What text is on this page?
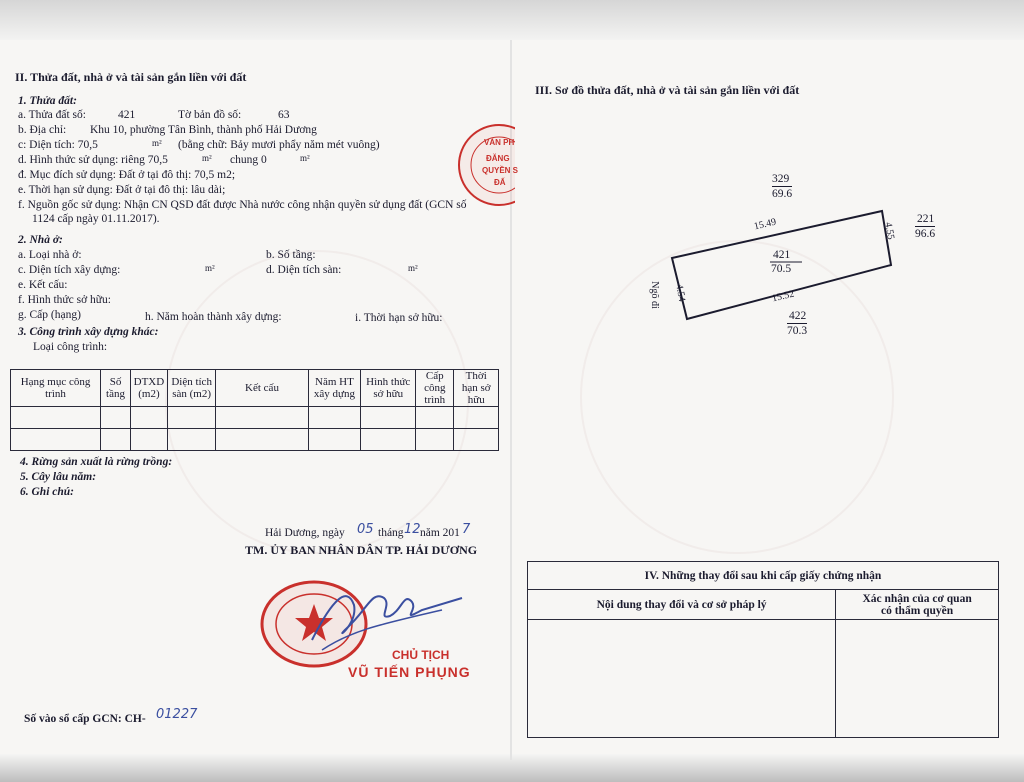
II. Thửa đất, nhà ở và tài sản gắn liền với đất
1. Thửa đất:
a. Thửa đất số:	421	Tờ bản đồ số:	63
b. Địa chỉ: Khu 10, phường Tân Bình, thành phố Hải Dương
c: Diện tích: 70,5	m² (bằng chữ: Bảy mươi phẩy năm mét vuông)
d. Hình thức sử dụng: riêng 70,5	m² chung 0	m²
đ. Mục đích sử dụng: Đất ở tại đô thị: 70,5 m2;
e. Thời hạn sử dụng: Đất ở tại đô thị: lâu dài;
f. Nguồn gốc sử dụng: Nhận CN QSD đất được Nhà nước công nhận quyền sử dụng đất (GCN số
1124 cấp ngày 01.11.2017).
2. Nhà ở:
a. Loại nhà ở:	b. Số tầng:
c. Diện tích xây dựng:	m²	d. Diện tích sàn:	m²
e. Kết cấu:
f. Hình thức sở hữu:
g. Cấp (hạng)	h. Năm hoàn thành xây dựng:	i. Thời hạn sở hữu:
3. Công trình xây dựng khác:
Loại công trình:
Hạng mục công trình	Số tầng	DTXD (m2)	Diện tích sàn (m2)	Kết cấu	Năm HT xây dựng	Hình thức sở hữu	Cấp công trình	Thời hạn sở hữu

4. Rừng sản xuất là rừng trồng:
5. Cây lâu năm:
6. Ghi chú:
Hải Dương, ngày 05 tháng 12 năm 201 7
TM. ỦY BAN NHÂN DÂN TP. HẢI DƯƠNG
CHỦ TỊCH
VŨ TIẾN PHỤNG
Số vào sổ cấp GCN: CH- 01227
VĂN PH
ĐĂNG
QUYỀN S
ĐẤ
III. Sơ đồ thửa đất, nhà ở và tài sản gắn liền với đất
329
69.6
221
96.6
421
70.5
422
70.3
15.49	4.55
4.54	15.52
Ngõ đi
IV. Những thay đổi sau khi cấp giấy chứng nhận	
Nội dung thay đổi và cơ sở pháp lý	Xác nhận của cơ quan
có thẩm quyền
